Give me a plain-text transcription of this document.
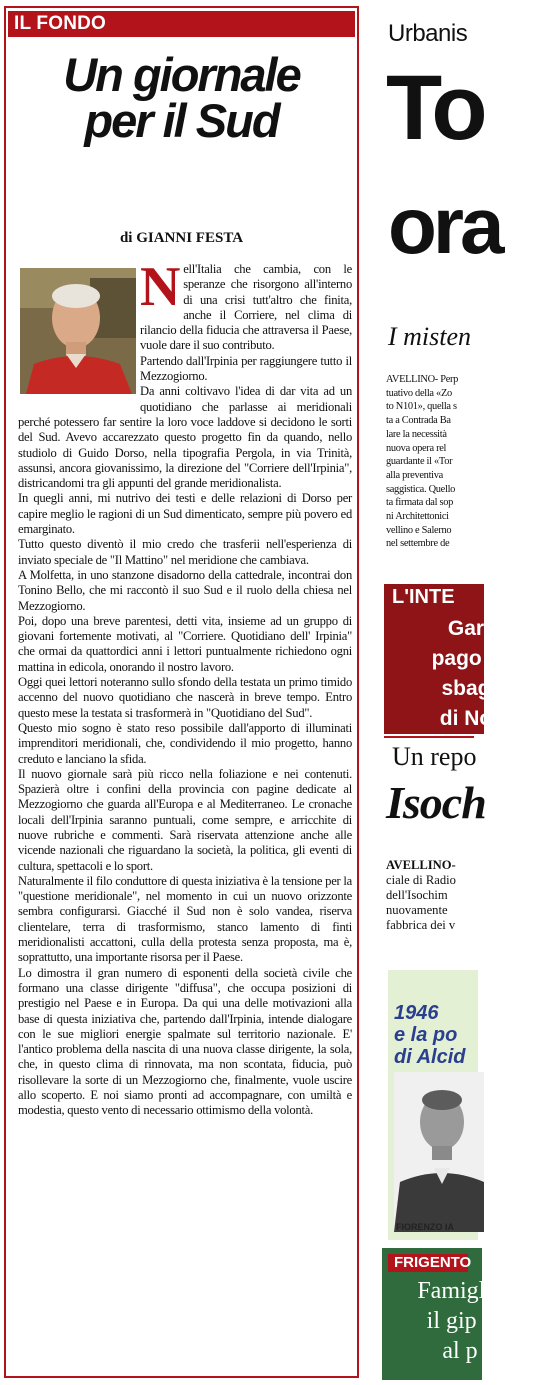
IL FONDO
Un giornale
per il Sud
di GIANNI FESTA

Nell'Italia che cambia, con le speranze che risorgono all'interno di una crisi tutt'altro che finita, anche il Corriere, nel clima di rilancio della fiducia che attraversa il Paese, vuole dare il suo contributo.

Partendo dall'Irpinia per raggiungere tutto il Mezzogiorno.

Da anni coltivavo l'idea di dar vita ad un quotidiano che parlasse ai meridionali perché potessero far sentire la loro voce laddove si decidono le sorti del Sud. Avevo accarezzato questo progetto fin da quando, nello studiolo di Guido Dorso, nella tipografia Pergola, in via Trinità, assunsi, ancora giovanissimo, la direzione del "Corriere dell'Irpinia", districandomi tra gli appunti del grande meridionalista.

In quegli anni, mi nutrivo dei testi e delle relazioni di Dorso per capire meglio le ragioni di un Sud dimenticato, sempre più povero ed emarginato.

Tutto questo diventò il mio credo che trasferii nell'esperienza di inviato speciale de "Il Mattino" nel meridione che cambiava.

A Molfetta, in uno stanzone disadorno della cattedrale, incontrai don Tonino Bello, che mi raccontò il suo Sud e il ruolo della chiesa nel Mezzogiorno.

Poi, dopo una breve parentesi, detti vita, insieme ad un gruppo di giovani fortemente motivati, al "Corriere. Quotidiano dell' Irpinia" che ormai da quattordici anni i lettori puntualmente richiedono ogni mattina in edicola, onorando il nostro lavoro.

Oggi quei lettori noteranno sullo sfondo della testata un primo timido accenno del nuovo quotidiano che nascerà in breve tempo. Entro questo mese la testata si trasformerà in "Quotidiano del Sud".

Questo mio sogno è stato reso possibile dall'apporto di illuminati imprenditori meridionali, che, condividendo il mio progetto, hanno creduto e lanciano la sfida.

Il nuovo giornale sarà più ricco nella foliazione e nei contenuti. Spazierà oltre i confini della provincia con pagine dedicate al Mezzogiorno che guarda all'Europa e al Mediterraneo. Le cronache locali dell'Irpinia saranno puntuali, come sempre, e arricchite di nuove rubriche e commenti. Sarà riservata attenzione anche alle vicende nazionali che riguardano la società, la politica, gli eventi di cultura, spettacoli e lo sport.

Naturalmente il filo conduttore di questa iniziativa è la tensione per la "questione meridionale", nel momento in cui un nuovo orizzonte sembra configurarsi. Giacché il Sud non è solo vandea, riserva clientelare, terra di trasformismo, stanco lamento di finti meridionalisti accattoni, culla della protesta senza proposta, ma è, soprattutto, una importante risorsa per il Paese.

Lo dimostra il gran numero di esponenti della società civile che formano una classe dirigente "diffusa", che occupa posizioni di prestigio nel Paese e in Europa. Da qui una delle motivazioni alla base di questa iniziativa che, partendo dall'Irpinia, intende dialogare con le sue migliori energie spalmate sul territorio nazionale. E' l'antico problema della nascita di una nuova classe dirigente, la sola, che, in questo clima di rinnovata, ma non scontata, fiducia, può risollevare la sorte di un Mezzogiorno che, finalmente, vuole uscire allo scoperto. E noi siamo pronti ad accompagnare, con umiltà e modestia, questo vento di necessario ottimismo della volontà.

Urbanis
To
ora
I misten
AVELLINO- Perp
tuativo della «Zo
to N101», quella s
ta a Contrada Ba
lare la necessità
nuova opera rel
guardante il «Tor
alla preventiva
saggistica. Quello
ta firmata dal sop
ni Architettonici
vellino e Salerno
nel settembre de
L'INTE
Gar
pago p
sbag
di No
Un repo
Isoch
AVELLINO-
ciale di Radio
dell'Isochim
nuovamente
fabbrica dei v
1946
e la po
di Alcid
FIORENZO IA
FRIGENTO
Famiglie
il gip a
al p
